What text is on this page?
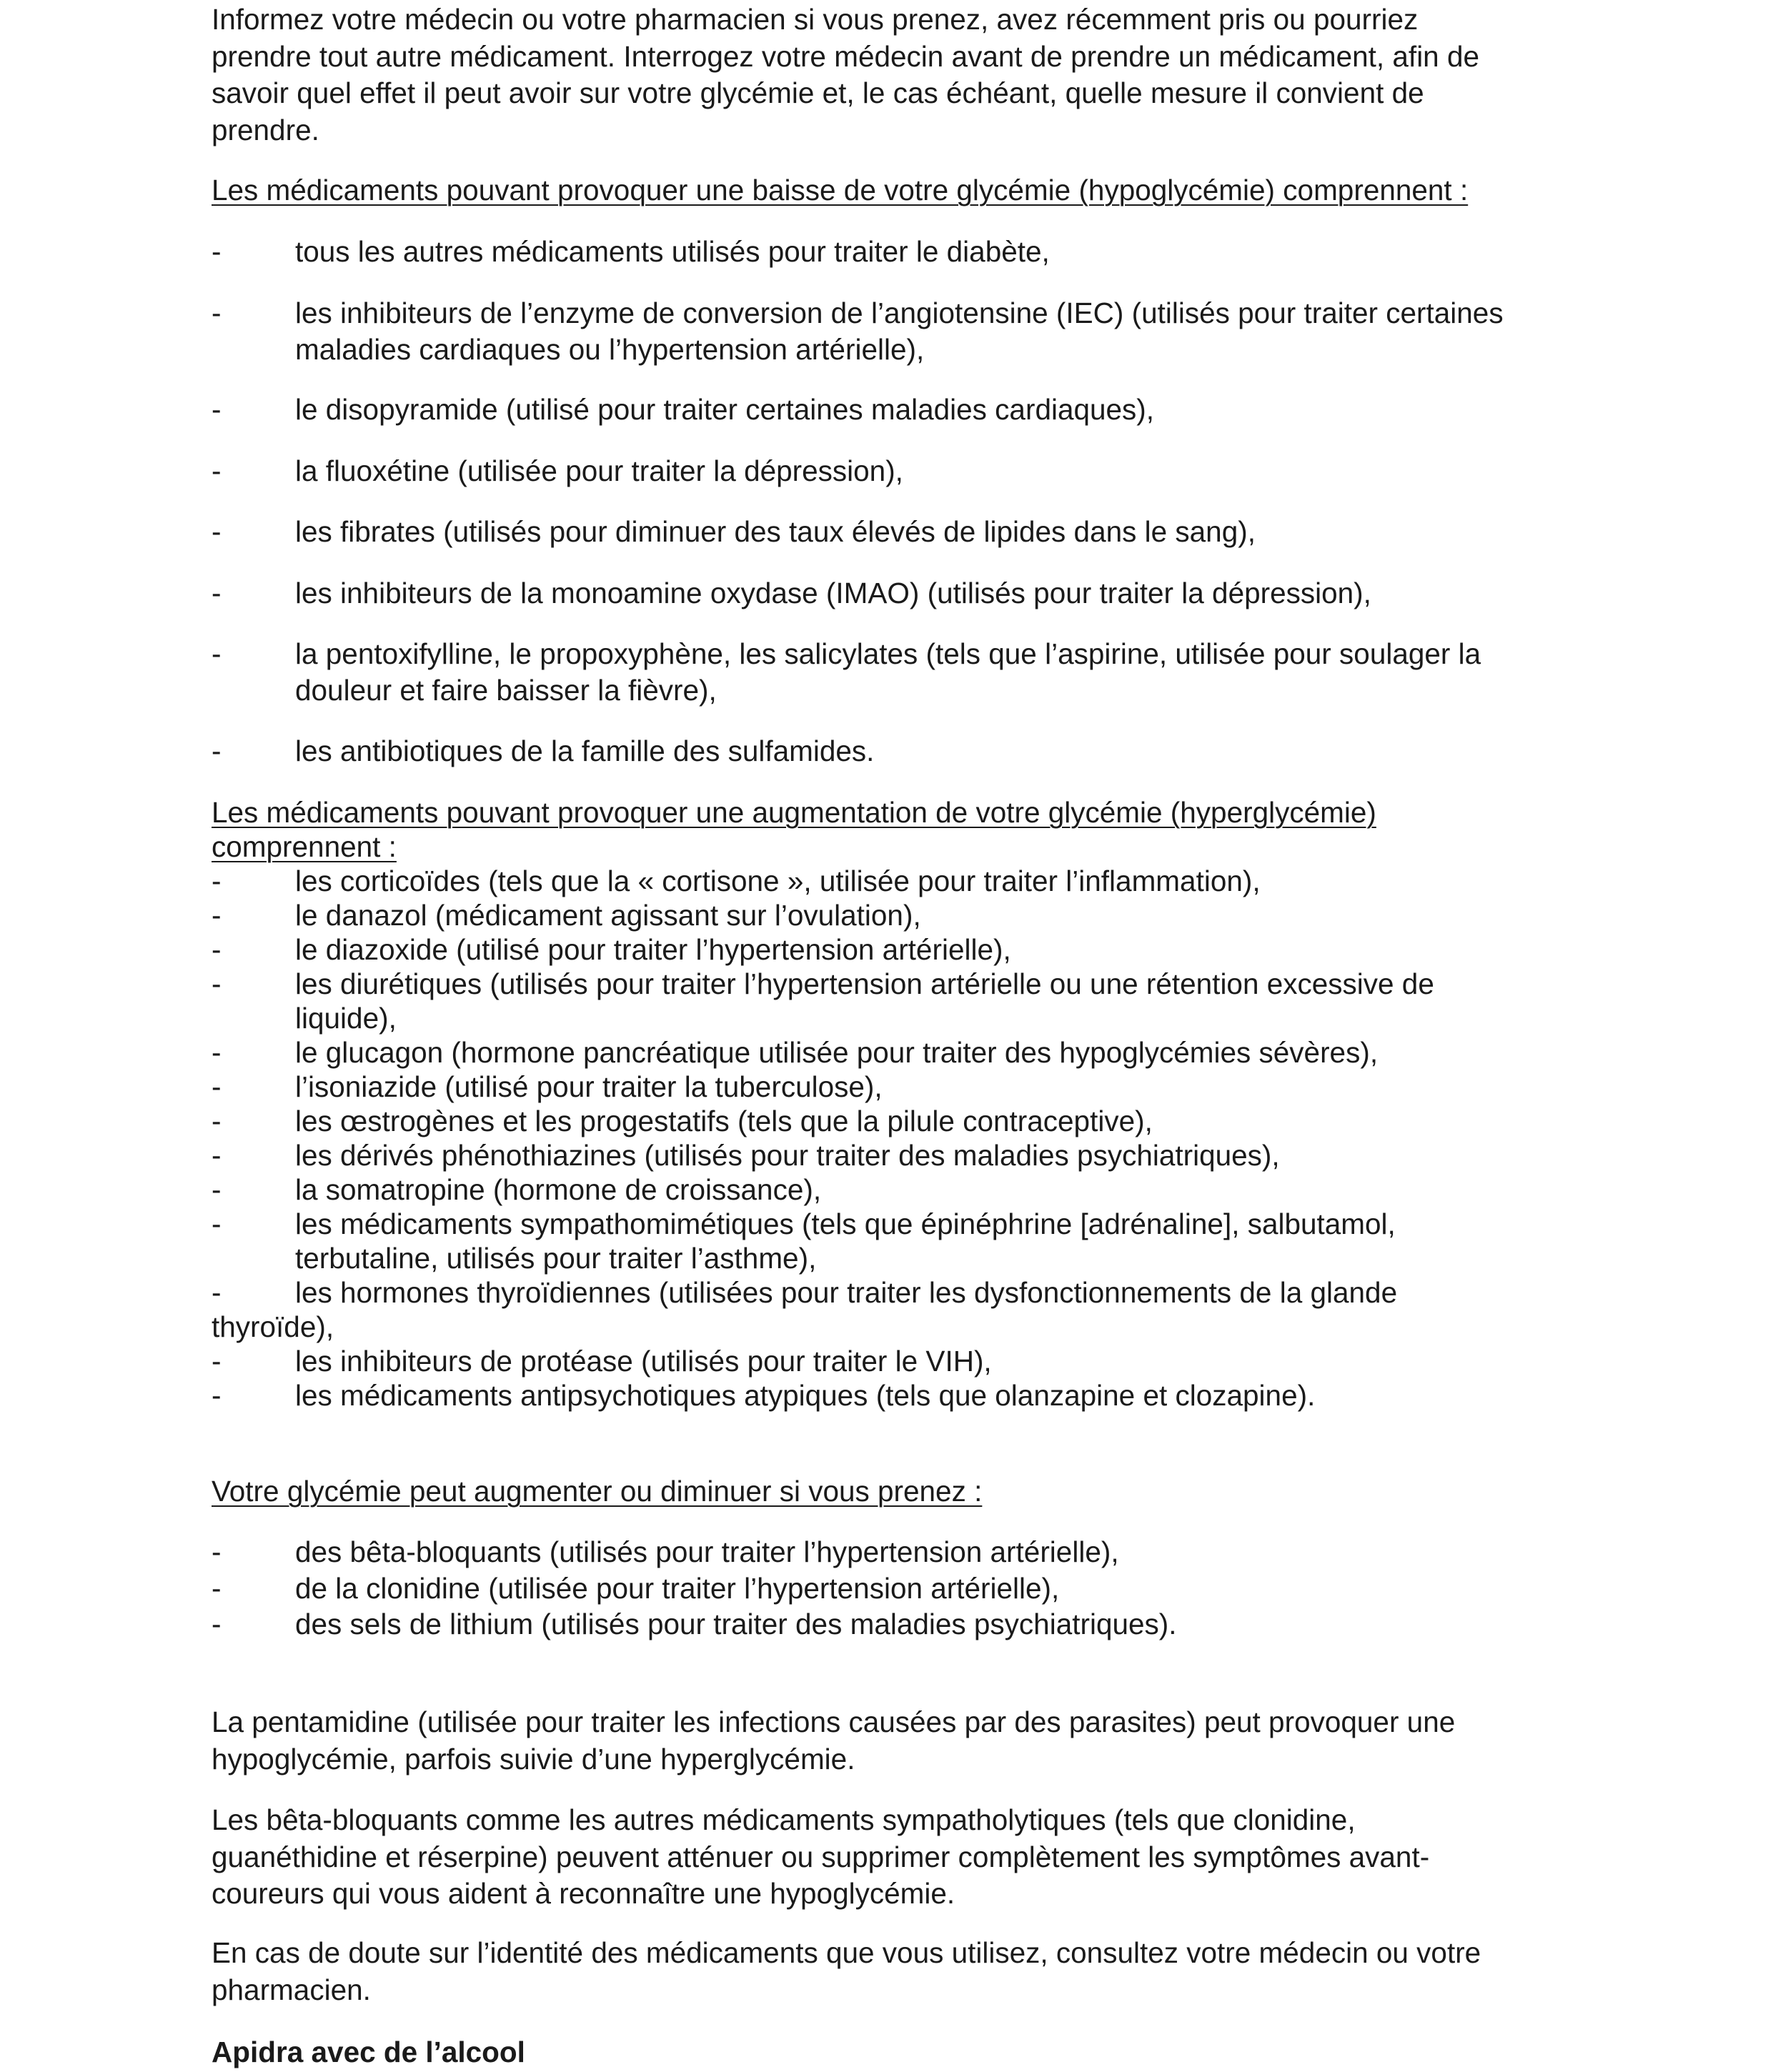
Informez votre médecin ou votre pharmacien si vous prenez, avez récemment pris ou pourriez
prendre tout autre médicament. Interrogez votre médecin avant de prendre un médicament, afin de
savoir quel effet il peut avoir sur votre glycémie et, le cas échéant, quelle mesure il convient de
prendre.
Les médicaments pouvant provoquer une baisse de votre glycémie (hypoglycémie) comprennent :
-	tous les autres médicaments utilisés pour traiter le diabète,
-	les inhibiteurs de l’enzyme de conversion de l’angiotensine (IEC) (utilisés pour traiter certaines
maladies cardiaques ou l’hypertension artérielle),
-	le disopyramide (utilisé pour traiter certaines maladies cardiaques),
-	la fluoxétine (utilisée pour traiter la dépression),
-	les fibrates (utilisés pour diminuer des taux élevés de lipides dans le sang),
-	les inhibiteurs de la monoamine oxydase (IMAO) (utilisés pour traiter la dépression),
-	la pentoxifylline, le propoxyphène, les salicylates (tels que l’aspirine, utilisée pour soulager la
douleur et faire baisser la fièvre),
-	les antibiotiques de la famille des sulfamides.
Les médicaments pouvant provoquer une augmentation de votre glycémie (hyperglycémie)
comprennent :
-	les corticoïdes (tels que la « cortisone », utilisée pour traiter l’inflammation),
-	le danazol (médicament agissant sur l’ovulation),
-	le diazoxide (utilisé pour traiter l’hypertension artérielle),
-	les diurétiques (utilisés pour traiter l’hypertension artérielle ou une rétention excessive de
liquide),
-	le glucagon (hormone pancréatique utilisée pour traiter des hypoglycémies sévères),
-	l’isoniazide (utilisé pour traiter la tuberculose),
-	les œstrogènes et les progestatifs (tels que la pilule contraceptive),
-	les dérivés phénothiazines (utilisés pour traiter des maladies psychiatriques),
-	la somatropine (hormone de croissance),
-	les médicaments sympathomimétiques (tels que épinéphrine [adrénaline], salbutamol,
terbutaline, utilisés pour traiter l’asthme),
-	les hormones thyroïdiennes (utilisées pour traiter les dysfonctionnements de la glande
thyroïde),
-	les inhibiteurs de protéase (utilisés pour traiter le VIH),
-	les médicaments antipsychotiques atypiques (tels que olanzapine et clozapine).
Votre glycémie peut augmenter ou diminuer si vous prenez :
-	des bêta-bloquants (utilisés pour traiter l’hypertension artérielle),
-	de la clonidine (utilisée pour traiter l’hypertension artérielle),
-	des sels de lithium (utilisés pour traiter des maladies psychiatriques).
La pentamidine (utilisée pour traiter les infections causées par des parasites) peut provoquer une
hypoglycémie, parfois suivie d’une hyperglycémie.
Les bêta-bloquants comme les autres médicaments sympatholytiques (tels que clonidine,
guanéthidine et réserpine) peuvent atténuer ou supprimer complètement les symptômes avant-
coureurs qui vous aident à reconnaître une hypoglycémie.
En cas de doute sur l’identité des médicaments que vous utilisez, consultez votre médecin ou votre
pharmacien.
Apidra avec de l’alcool
